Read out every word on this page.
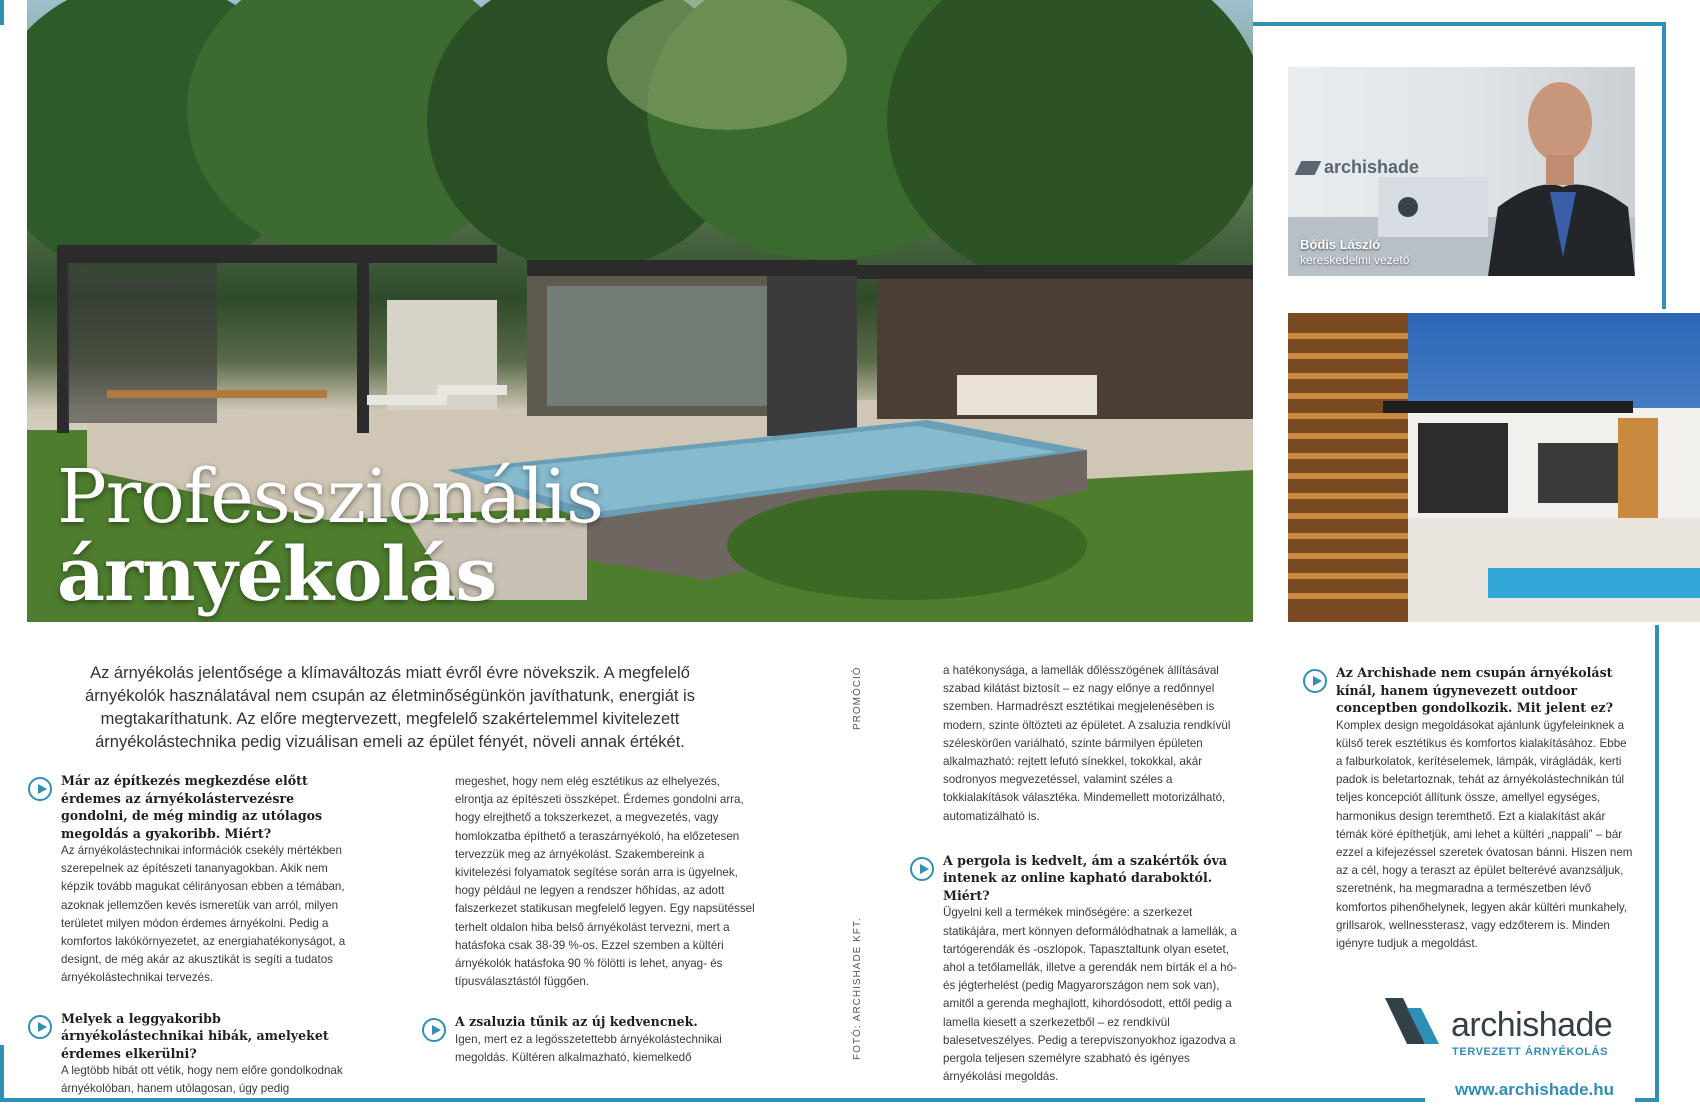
Professzionális
árnyékolás
archishade
Bódis László
kereskedelmi vezető
Az árnyékolás jelentősége a klímaváltozás miatt évről évre növekszik. A megfelelő árnyékolók használatával nem csupán az életminőségünkön javíthatunk, energiát is megtakaríthatunk. Az előre megtervezett, megfelelő szakértelemmel kivitelezett árnyékolástechnika pedig vizuálisan emeli az épület fényét, növeli annak értékét.
PROMÓCIÓ
FOTÓ: ARCHISHADE KFT.
Már az építkezés megkezdése előtt érdemes az árnyékolástervezésre gondolni, de még mindig az utólagos megoldás a gyakoribb. Miért?

Az árnyékolástechnikai információk csekély mértékben szerepelnek az építészeti tananyagokban. Akik nem képzik tovább magukat célirányosan ebben a témában, azoknak jellemzően kevés ismeretük van arról, milyen területet milyen módon érdemes árnyékolni. Pedig a komfortos lakókörnyezetet, az energiahatékonyságot, a designt, de még akár az akusztikát is segíti a tudatos árnyékolástechnikai tervezés.

Melyek a leggyakoribb árnyékolástechnikai hibák, amelyeket érdemes elkerülni?

A legtöbb hibát ott vétik, hogy nem előre gondolkodnak árnyékolóban, hanem utólagosan, úgy pedig

megeshet, hogy nem elég esztétikus az elhelyezés, elrontja az építészeti összképet. Érdemes gondolni arra, hogy elrejthető a tokszerkezet, a megvezetés, vagy homlokzatba építhető a teraszárnyékoló, ha előzetesen tervezzük meg az árnyékolást. Szakembereink a kivitelezési folyamatok segítése során arra is ügyelnek, hogy például ne legyen a rendszer hőhídas, az adott falszerkezet statikusan megfelelő legyen. Egy napsütéssel terhelt oldalon hiba belső árnyékolást tervezni, mert a hatásfoka csak 38-39 %-os. Ezzel szemben a kültéri árnyékolók hatásfoka 90 % fölötti is lehet, anyag- és típusválasztástól függően.

A zsaluzia tűnik az új kedvencnek.

Igen, mert ez a legösszetettebb árnyékolástechnikai megoldás. Kültéren alkalmazható, kiemelkedő

a hatékonysága, a lamellák dőlésszögének állításával szabad kilátást biztosít – ez nagy előnye a redőnnyel szemben. Harmadrészt esztétikai megjelenésében is modern, szinte öltözteti az épületet. A zsaluzia rendkívül széleskörűen variálható, szinte bármilyen épületen alkalmazható: rejtett lefutó sínekkel, tokokkal, akár sodronyos megvezetéssel, valamint széles a tokkialakítások választéka. Mindemellett motorizálható, automatizálható is.

A pergola is kedvelt, ám a szakértők óva intenek az online kapható daraboktól. Miért?

Ügyelni kell a termékek minőségére: a szerkezet statikájára, mert könnyen deformálódhatnak a lamellák, a tartógerendák és -oszlopok. Tapasztaltunk olyan esetet, ahol a tetőlamellák, illetve a gerendák nem bírták el a hó- és jégterhelést (pedig Magyarországon nem sok van), amitől a gerenda meghajlott, kihordósodott, ettől pedig a lamella kiesett a szerkezetből – ez rendkívül balesetveszélyes. Pedig a terepviszonyokhoz igazodva a pergola teljesen személyre szabható és igényes árnyékolási megoldás.

Az Archishade nem csupán árnyékolást kínál, hanem úgynevezett outdoor conceptben gondolkozik. Mit jelent ez?

Komplex design megoldásokat ajánlunk ügyfeleinknek a külső terek esztétikus és komfortos kialakításához. Ebbe a falburkolatok, kerítéselemek, lámpák, virágládák, kerti padok is beletartoznak, tehát az árnyékolástechnikán túl teljes koncepciót állítunk össze, amellyel egységes, harmonikus design teremthető. Ezt a kialakítást akár témák köré építhetjük, ami lehet a kültéri „nappali” – bár ezzel a kifejezéssel szeretek óvatosan bánni. Hiszen nem az a cél, hogy a teraszt az épület belterévé avanzsáljuk, szeretnénk, ha megmaradna a természetben lévő komfortos pihenőhelynek, legyen akár kültéri munkahely, grillsarok, wellnessterasz, vagy edzőterem is. Minden igényre tudjuk a megoldást.

archishade
TERVEZETT ÁRNYÉKOLÁS
www.archishade.hu
